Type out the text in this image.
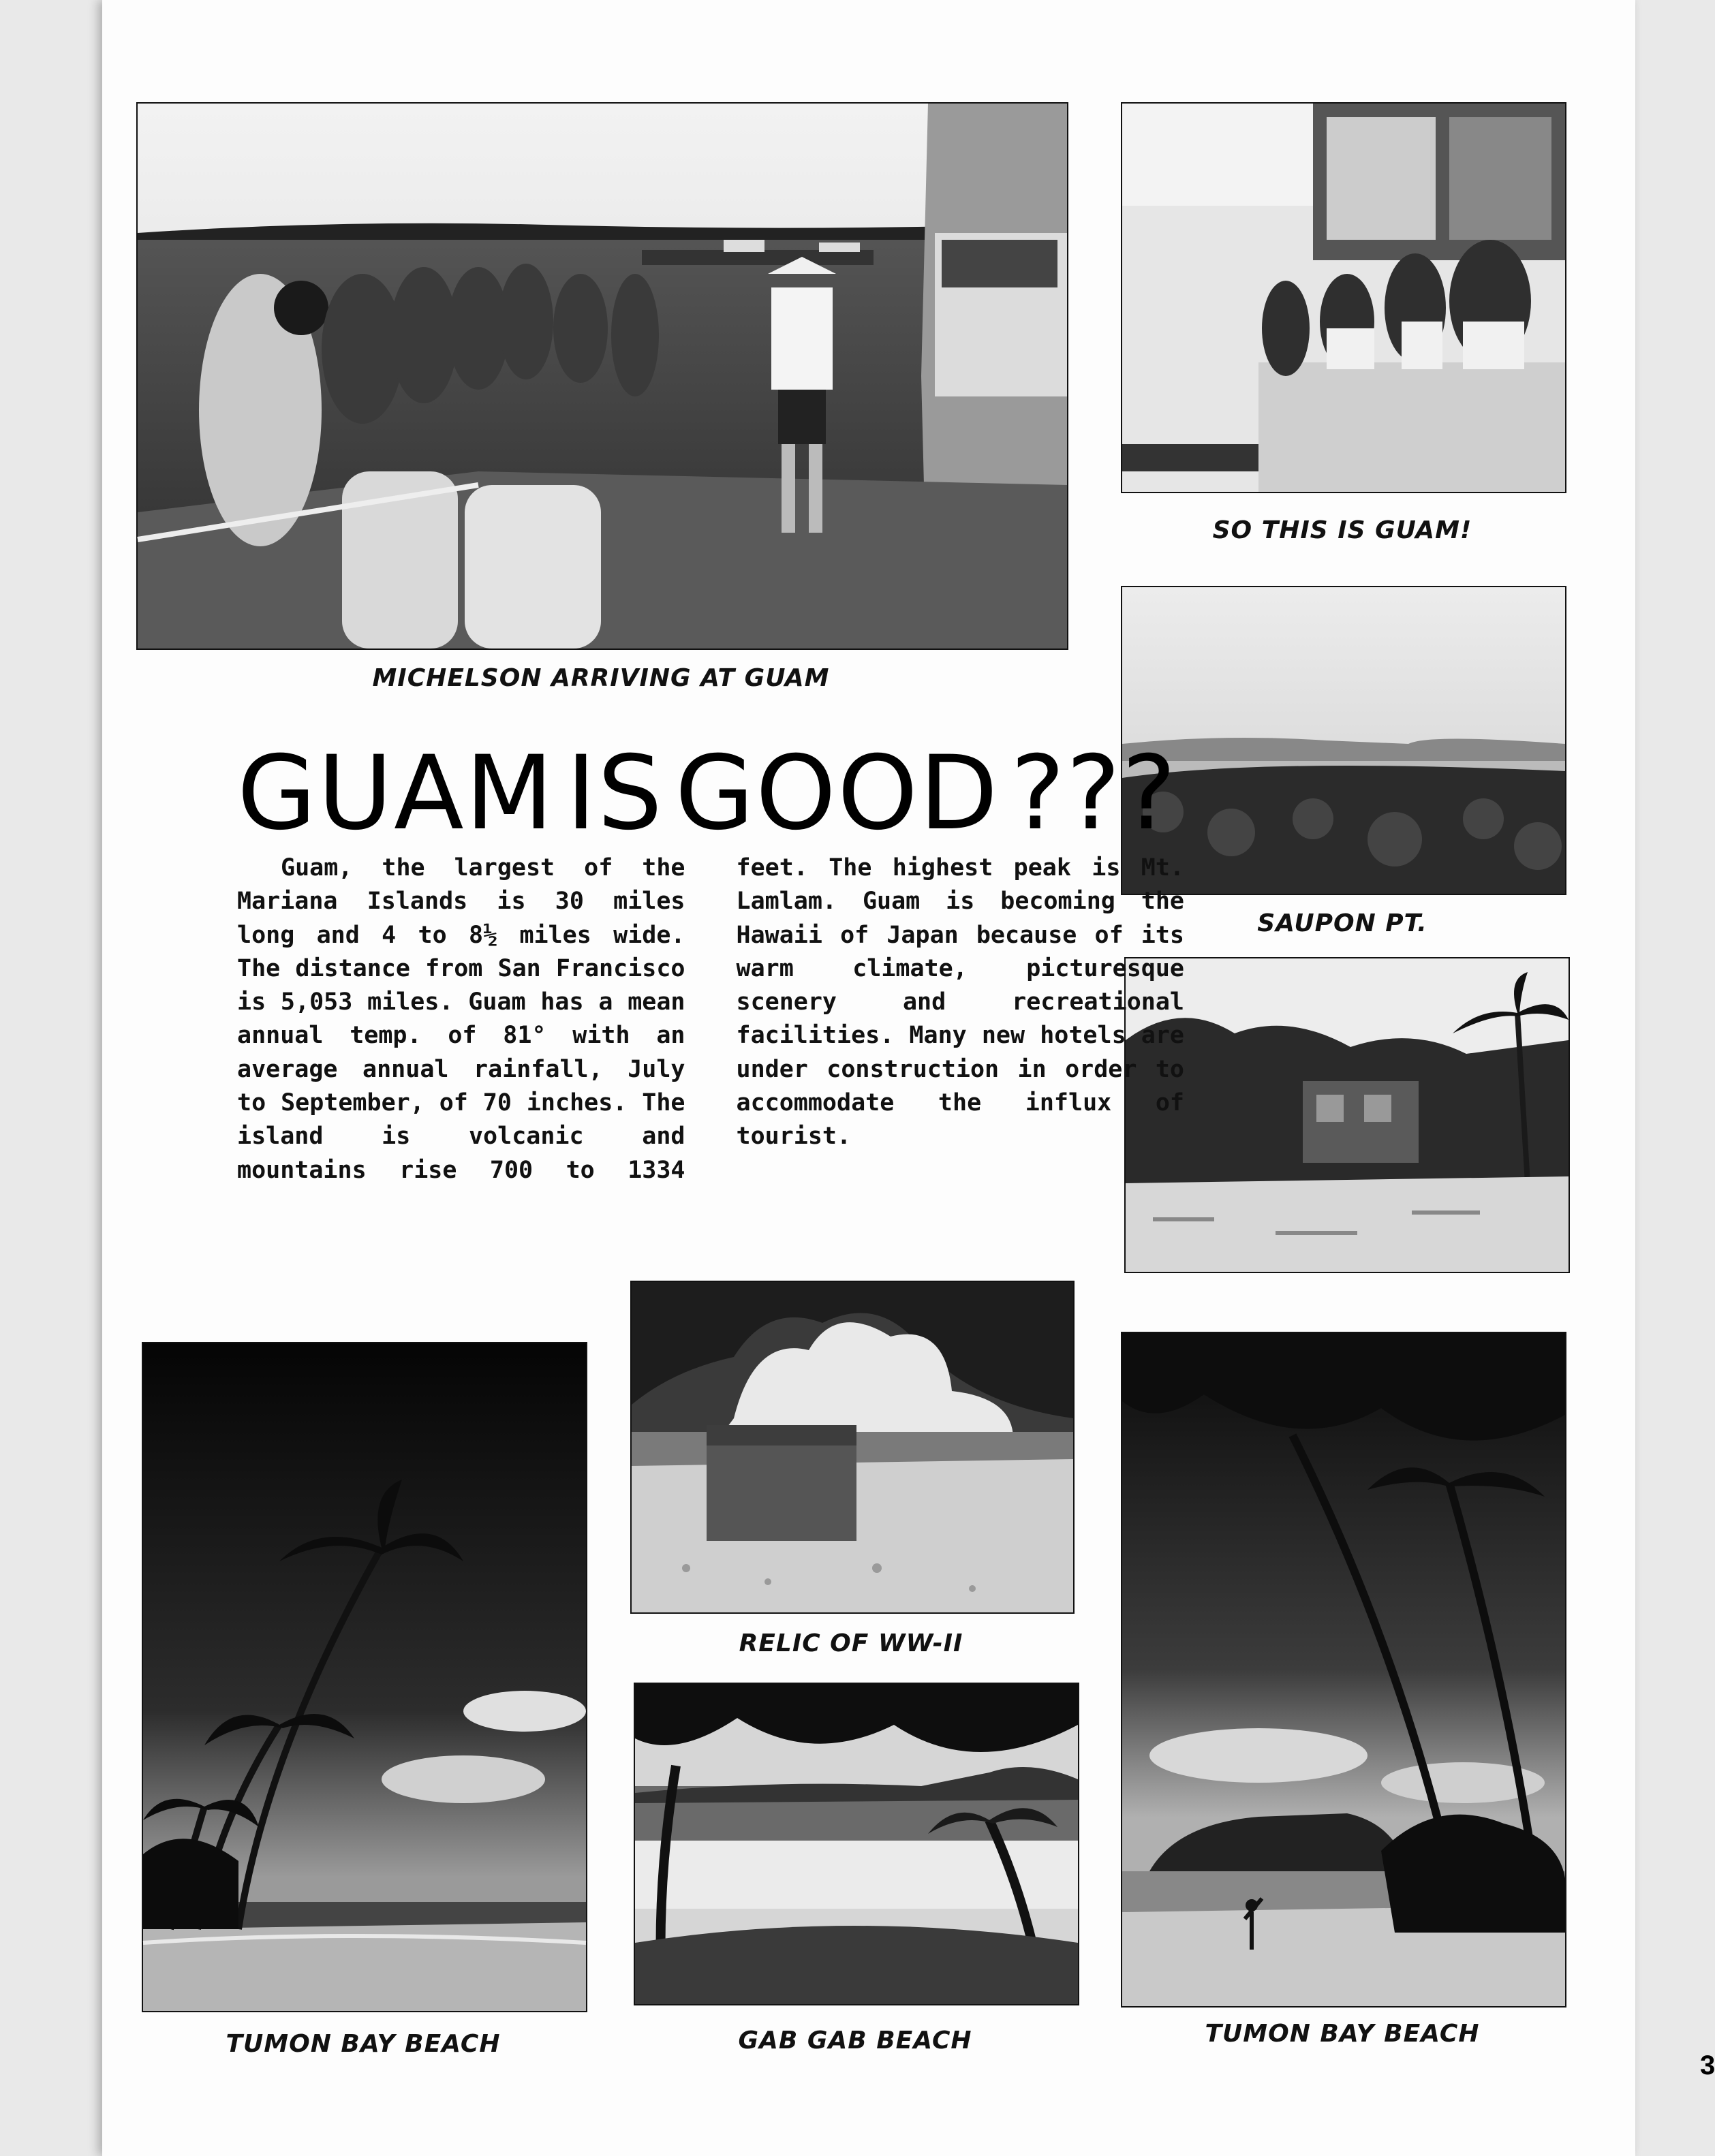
MICHELSON ARRIVING AT GUAM
SO THIS IS GUAM!
SAUPON PT.
GUAM IS GOOD ???

Guam, the largest of the Mariana Islands is 30 miles long and 4 to 8½ miles wide. The distance from San Francisco is 5,053 miles. Guam has a mean annual temp. of 81° with an average annual rainfall, July to September, of 70 inches. The island is volcanic and mountains rise 700 to 1334 feet. The highest peak is Mt. Lamlam. Guam is becoming the Hawaii of Japan because of its warm climate, picturesque scenery and recreational facilities. Many new hotels are under construction in order to accommodate the influx of tourist.

RELIC OF WW-II
TUMON BAY BEACH	GAB GAB BEACH	TUMON BAY BEACH
3
